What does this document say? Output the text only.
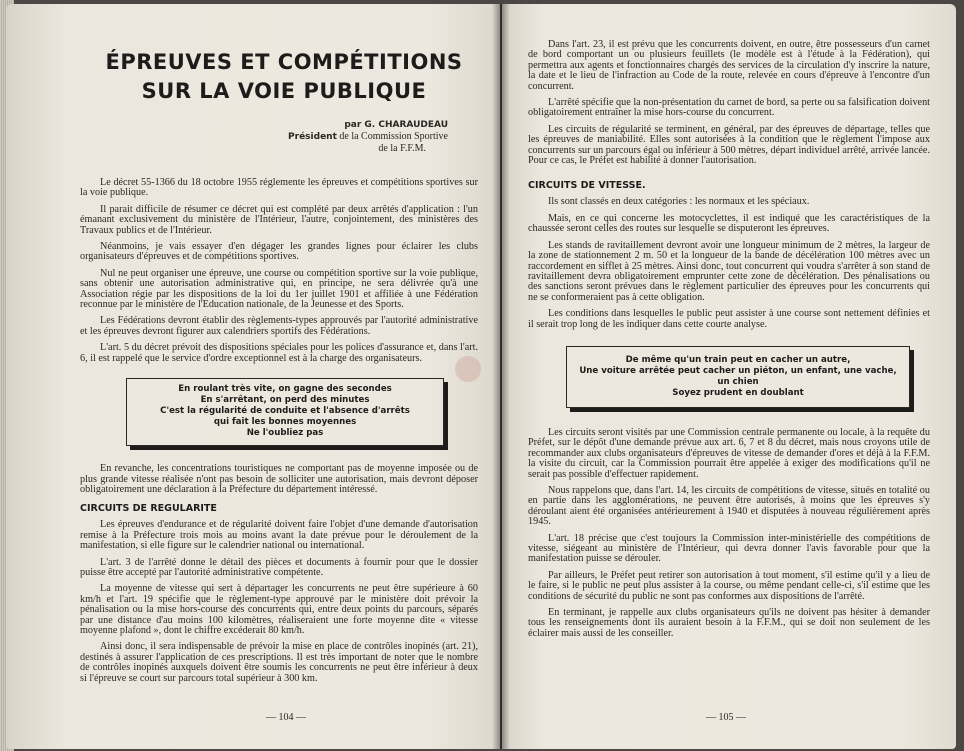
ÉPREUVES ET COMPÉTITIONS
SUR LA VOIE PUBLIQUE
par G. CHARAUDEAU
Président de la Commission Sportive
de la F.F.M.

Le décret 55-1366 du 18 octobre 1955 réglemente les épreuves et compétitions sportives sur la voie publique.

Il parait difficile de résumer ce décret qui est complété par deux arrêtés d'application : l'un émanant exclusivement du ministère de l'Intérieur, l'autre, conjointement, des ministères des Travaux publics et de l'Intérieur.

Néanmoins, je vais essayer d'en dégager les grandes lignes pour éclairer les clubs organisateurs d'épreuves et de compétitions sportives.

Nul ne peut organiser une épreuve, une course ou compétition sportive sur la voie publique, sans obtenir une autorisation administrative qui, en principe, ne sera délivrée qu'à une Association régie par les dispositions de la loi du 1er juillet 1901 et affiliée à une Fédération reconnue par le ministère de l'Education nationale, de la Jeunesse et des Sports.

Les Fédérations devront établir des règlements-types approuvés par l'autorité administrative et les épreuves devront figurer aux calendriers sportifs des Fédérations.

L'art. 5 du décret prévoit des dispositions spéciales pour les polices d'assurance et, dans l'art. 6, il est rappelé que le service d'ordre exceptionnel est à la charge des organisateurs.

En roulant très vite, on gagne des secondes
En s'arrêtant, on perd des minutes
C'est la régularité de conduite et l'absence d'arrêts
qui fait les bonnes moyennes
Ne l'oubliez pas

En revanche, les concentrations touristiques ne comportant pas de moyenne imposée ou de plus grande vitesse réalisée n'ont pas besoin de solliciter une autorisation, mais devront déposer obligatoirement une déclaration à la Préfecture du département intéressé.

CIRCUITS DE REGULARITE

Les épreuves d'endurance et de régularité doivent faire l'objet d'une demande d'autorisation remise à la Préfecture trois mois au moins avant la date prévue pour le déroulement de la manifestation, si elle figure sur le calendrier national ou international.

L'art. 3 de l'arrêté donne le détail des pièces et documents à fournir pour que le dossier puisse être accepté par l'autorité administrative compétente.

La moyenne de vitesse qui sert à départager les concurrents ne peut être supérieure à 60 km/h et l'art. 19 spécifie que le règlement-type approuvé par le ministère doit prévoir la pénalisation ou la mise hors-course des concurrents qui, entre deux points du parcours, séparés par une distance d'au moins 100 kilomètres, réaliseraient une forte moyenne dite « vitesse moyenne plafond », dont le chiffre excéderait 80 km/h.

Ainsi donc, il sera indispensable de prévoir la mise en place de contrôles inopinés (art. 21), destinés à assurer l'application de ces prescriptions. Il est très important de noter que le nombre de contrôles inopinés auxquels doivent être soumis les concurrents ne peut être inférieur à deux si l'épreuve se court sur parcours total supérieur à 300 km.

— 104 —

Dans l'art. 23, il est prévu que les concurrents doivent, en outre, être possesseurs d'un carnet de bord comportant un ou plusieurs feuillets (le modèle est à l'étude à la Fédération), qui permettra aux agents et fonctionnaires chargés des services de la circulation d'y inscrire la nature, la date et le lieu de l'infraction au Code de la route, relevée en cours d'épreuve à l'encontre d'un concurrent.

L'arrêté spécifie que la non-présentation du carnet de bord, sa perte ou sa falsification doivent obligatoirement entraîner la mise hors-course du concurrent.

Les circuits de régularité se terminent, en général, par des épreuves de départage, telles que les épreuves de maniabilité. Elles sont autorisées à la condition que le règlement l'impose aux concurrents sur un parcours égal ou inférieur à 500 mètres, départ individuel arrêté, arrivée lancée. Pour ce cas, le Préfet est habilité à donner l'autorisation.

CIRCUITS DE VITESSE.

Ils sont classés en deux catégories : les normaux et les spéciaux.

Mais, en ce qui concerne les motocyclettes, il est indiqué que les caractéristiques de la chaussée seront celles des routes sur lesquelle se disputeront les épreuves.

Les stands de ravitaillement devront avoir une longueur minimum de 2 mètres, la largeur de la zone de stationnement 2 m. 50 et la longueur de la bande de décélération 100 mètres avec un raccordement en sifflet à 25 mètres. Ainsi donc, tout concurrent qui voudra s'arrêter à son stand de ravitaillement devra obligatoirement emprunter cette zone de décélération. Des pénalisations ou des sanctions seront prévues dans le règlement particulier des épreuves pour les concurrents qui ne se conformeraient pas à cette obligation.

Les conditions dans lesquelles le public peut assister à une course sont nettement définies et il serait trop long de les indiquer dans cette courte analyse.

De même qu'un train peut en cacher un autre,
Une voiture arrêtée peut cacher un piéton, un enfant, une vache,
un chien
Soyez prudent en doublant

Les circuits seront visités par une Commission centrale permanente ou locale, à la requête du Préfet, sur le dépôt d'une demande prévue aux art. 6, 7 et 8 du décret, mais nous croyons utile de recommander aux clubs organisateurs d'épreuves de vitesse de demander d'ores et déjà à la F.F.M. la visite du circuit, car la Commission pourrait être appelée à exiger des modifications qu'il ne serait pas possible d'effectuer rapidement.

Nous rappelons que, dans l'art. 14, les circuits de compétitions de vitesse, situés en totalité ou en partie dans les agglomérations, ne peuvent être autorisés, à moins que les épreuves s'y déroulant aient été organisées antérieurement à 1940 et disputées à nouveau régulièrement après 1945.

L'art. 18 précise que c'est toujours la Commission inter-ministérielle des compétitions de vitesse, siégeant au ministère de l'Intérieur, qui devra donner l'avis favorable pour que la manifestation puisse se dérouler.

Par ailleurs, le Préfet peut retirer son autorisation à tout moment, s'il estime qu'il y a lieu de le faire, si le public ne peut plus assister à la course, ou même pendant celle-ci, s'il estime que les conditions de sécurité du public ne sont pas conformes aux dispositions de l'arrêté.

En terminant, je rappelle aux clubs organisateurs qu'ils ne doivent pas hésiter à demander tous les renseignements dont ils auraient besoin à la F.F.M., qui se doit non seulement de les éclairer mais aussi de les conseiller.

— 105 —
